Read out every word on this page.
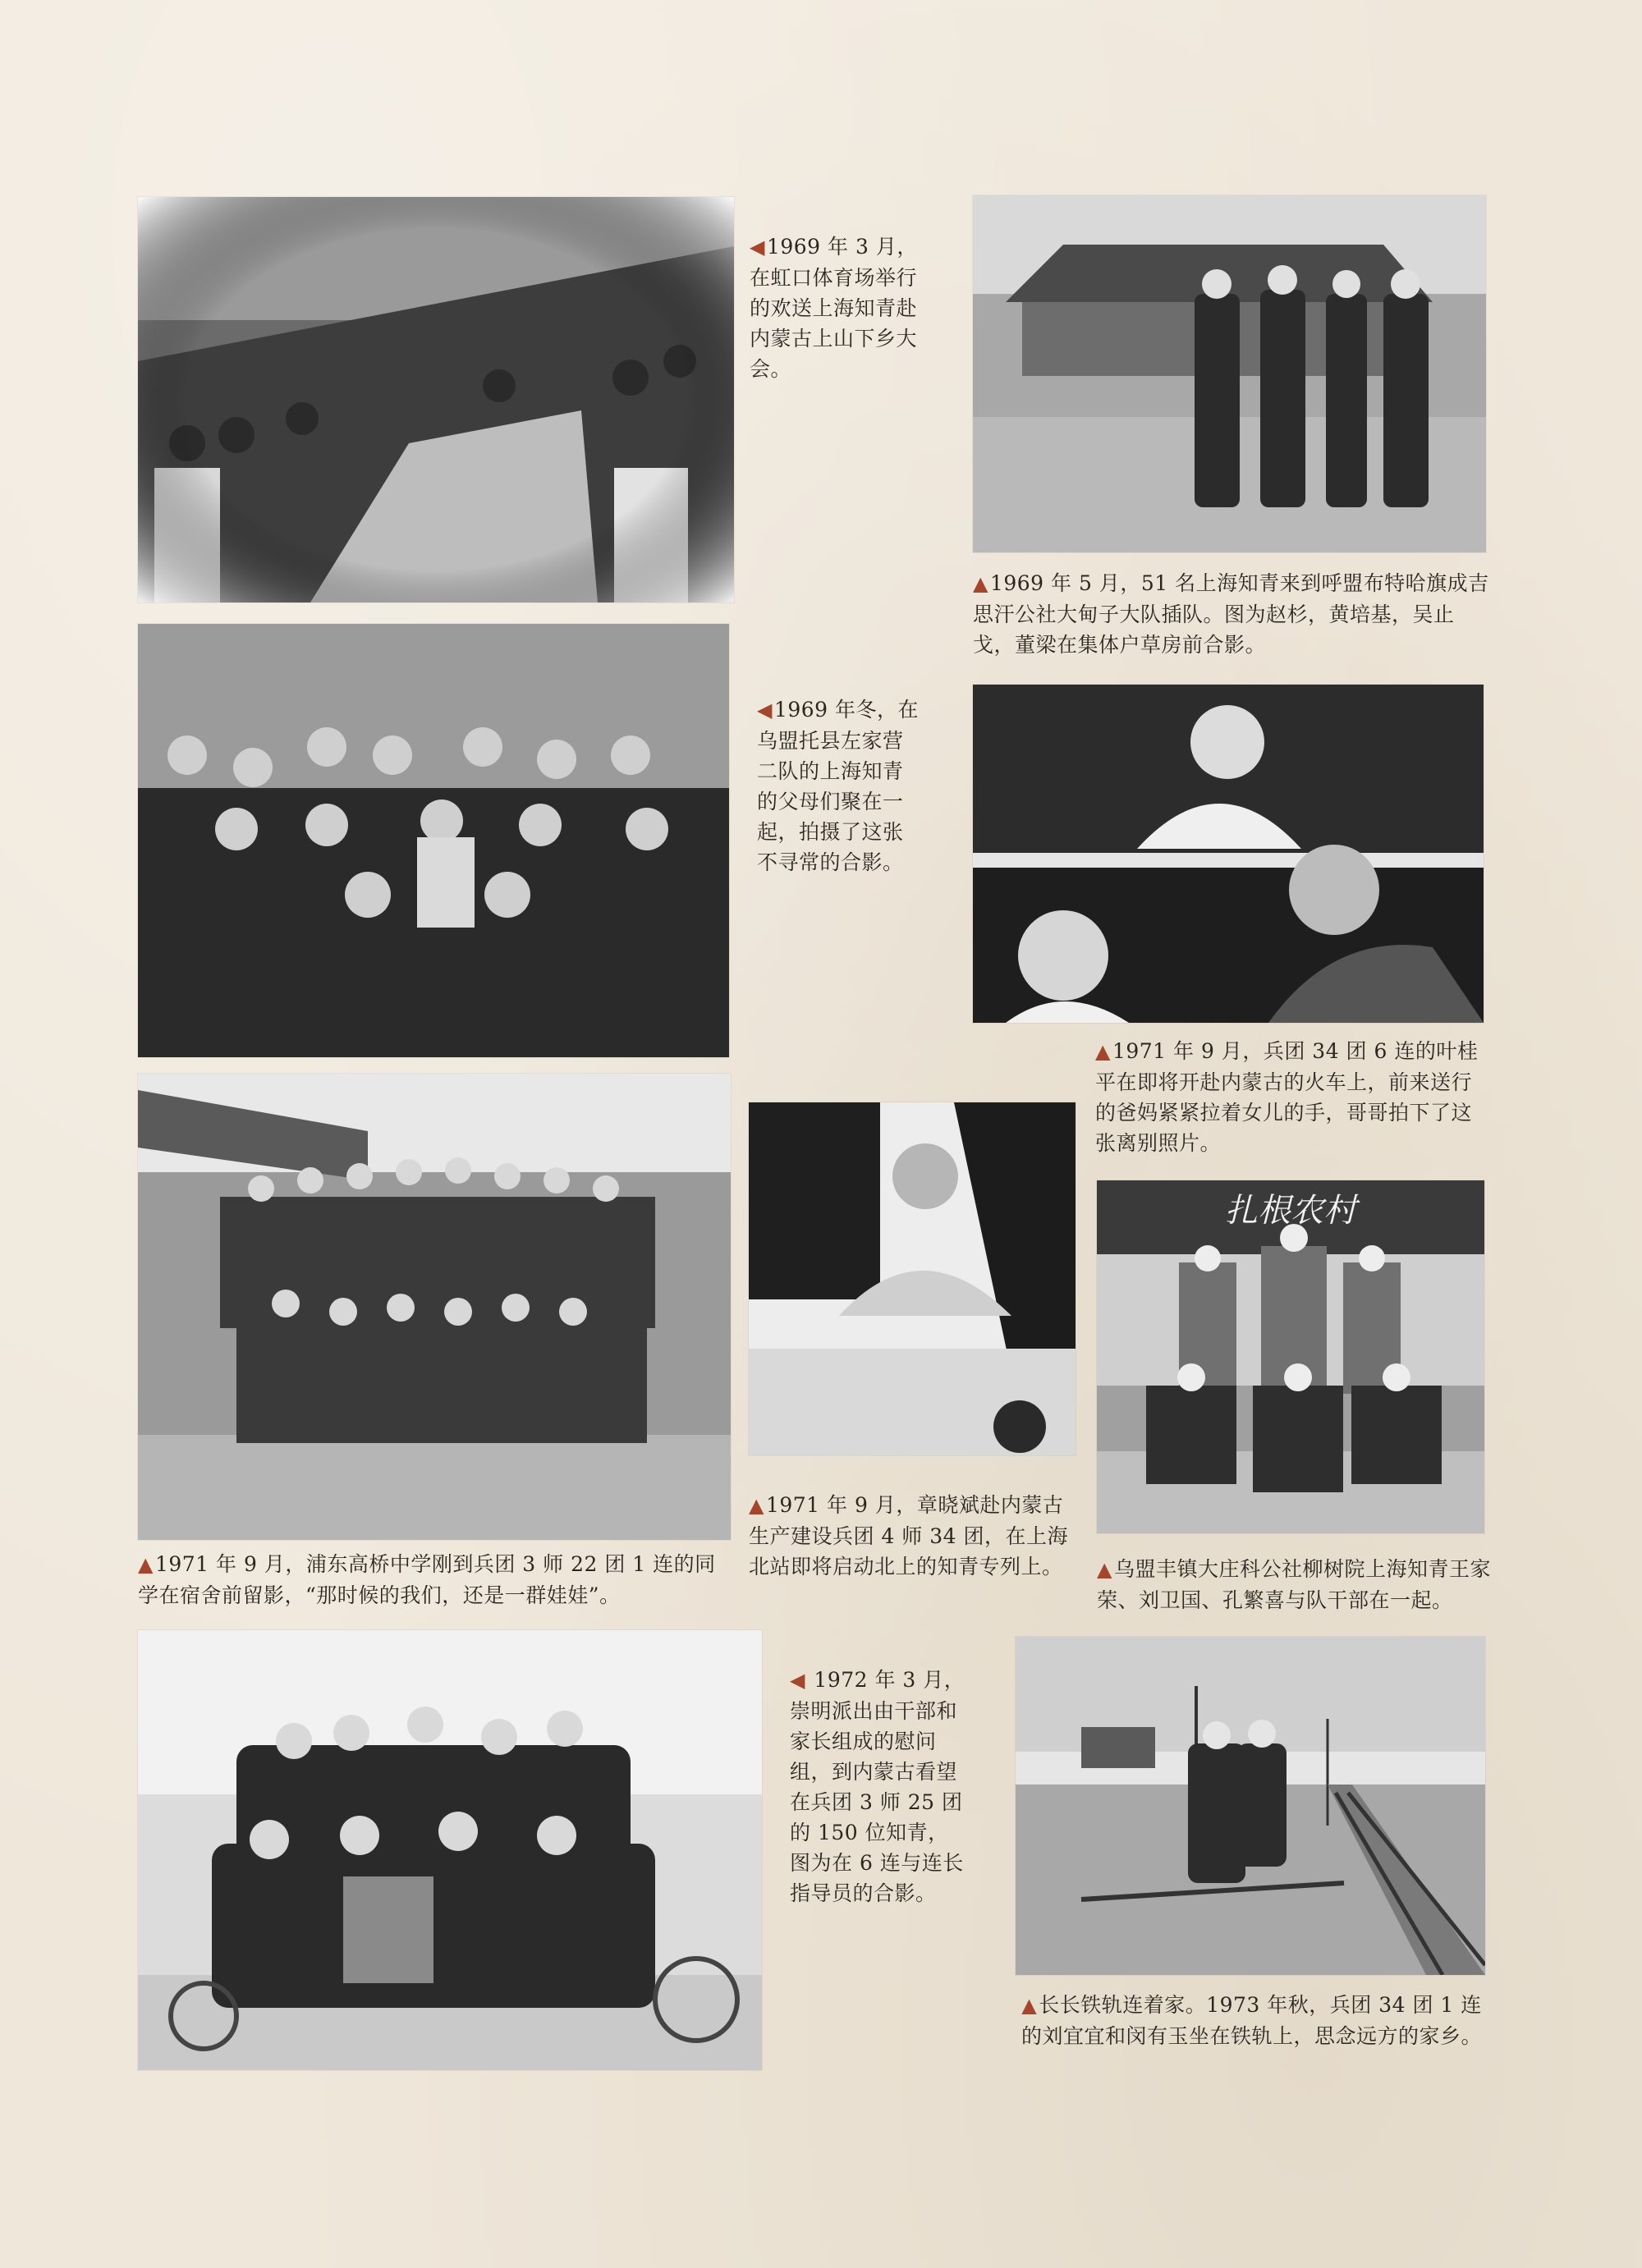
◀1969 年 3 月，在虹口体育场举行的欢送上海知青赴内蒙古上山下乡大会。
▲1969 年 5 月，51 名上海知青来到呼盟布特哈旗成吉思汗公社大甸子大队插队。图为赵杉，黄培基，吴止戈，董梁在集体户草房前合影。
◀1969 年冬，在乌盟托县左家营二队的上海知青的父母们聚在一起，拍摄了这张不寻常的合影。
▲1971 年 9 月，兵团 34 团 6 连的叶桂平在即将开赴内蒙古的火车上，前来送行的爸妈紧紧拉着女儿的手，哥哥拍下了这张离别照片。
▲1971 年 9 月，浦东高桥中学刚到兵团 3 师 22 团 1 连的同学在宿舍前留影，“那时候的我们，还是一群娃娃”。
▲1971 年 9 月，章晓斌赴内蒙古生产建设兵团 4 师 34 团，在上海北站即将启动北上的知青专列上。
扎根农村
▲乌盟丰镇大庄科公社柳树院上海知青王家荣、刘卫国、孔繁喜与队干部在一起。
◀ 1972 年 3 月，崇明派出由干部和家长组成的慰问组，到内蒙古看望在兵团 3 师 25 团的 150 位知青，图为在 6 连与连长指导员的合影。
▲长长铁轨连着家。1973 年秋，兵团 34 团 1 连的刘宜宜和闵有玉坐在铁轨上，思念远方的家乡。
